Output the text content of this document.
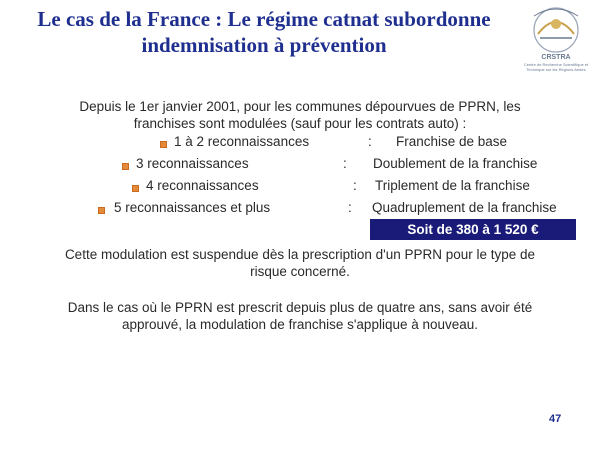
Le cas de la France : Le régime catnat subordonne
indemnisation à prévention
CRSTRA
Centre de Recherche Scientifique et Technique sur les Régions Arides
Depuis le 1er janvier 2001, pour les communes dépourvues de PPRN, les
franchises sont modulées (sauf pour les contrats auto) :
1 à 2 reconnaissances	: Franchise de base
3 reconnaissances	: Doublement de la franchise
4 reconnaissances	: Triplement de la franchise
5 reconnaissances et plus	: Quadruplement de la franchise
Soit de 380 à 1 520 €
Cette modulation est suspendue dès la prescription d'un PPRN pour le type de
risque concerné.
Dans le cas où le PPRN est prescrit depuis plus de quatre ans, sans avoir été
approuvé, la modulation de franchise s'applique à nouveau.
47
